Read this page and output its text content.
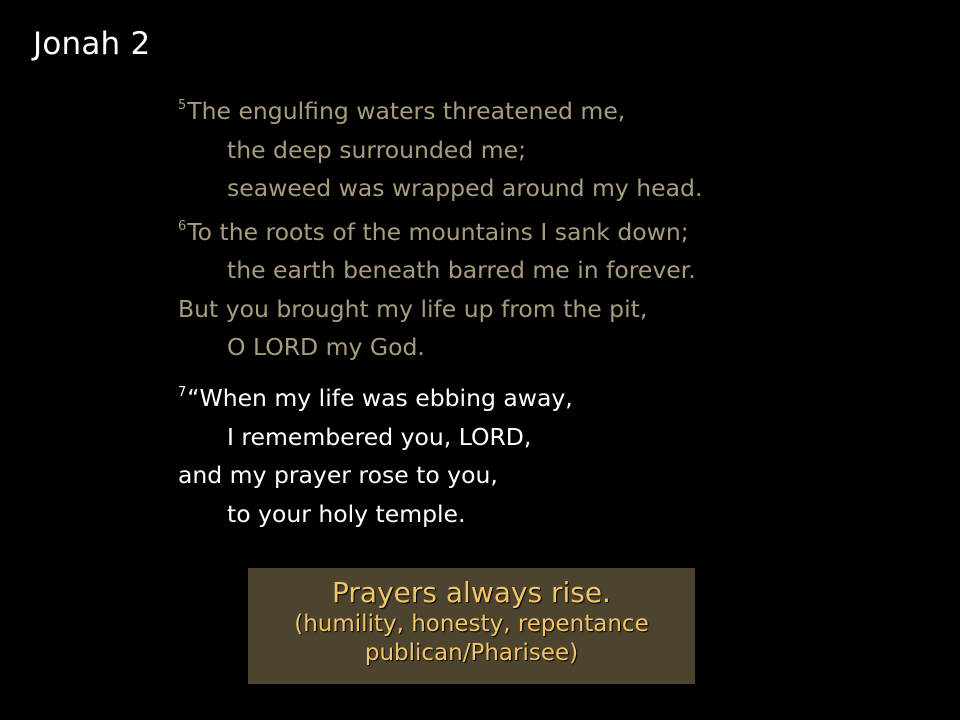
Jonah 2
$^5$The engulfing waters threatened me,
the deep surrounded me;
seaweed was wrapped around my head.
$^6$To the roots of the mountains I sank down;
the earth beneath barred me in forever.
But you brought my life up from the pit,
O LORD my God.
$^7$“When my life was ebbing away,
I remembered you, LORD,
and my prayer rose to you,
to your holy temple.
Prayers always rise.
(humility, honesty, repentance
publican/Pharisee)
